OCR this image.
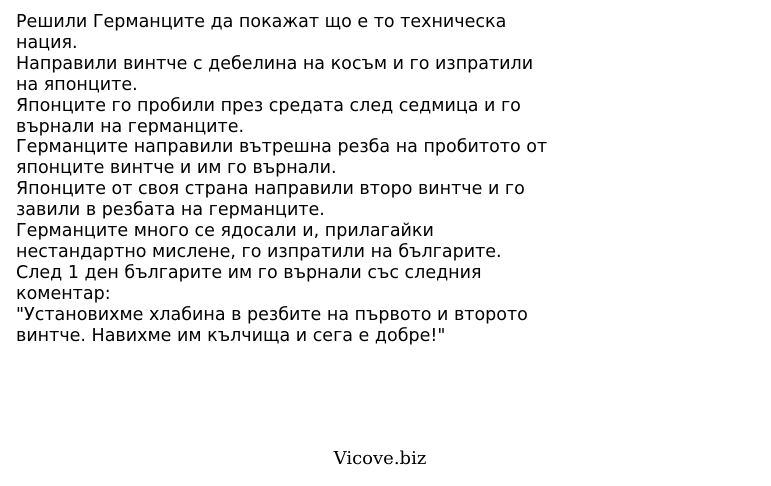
Решили Германците да покажат що е то техническа
нация.
Направили винтче с дебелина на косъм и го изпратили
на японците.
Японците го пробили през средата след седмица и го
върнали на германците.
Германците направили вътрешна резба на пробитото от
японците винтче и им го върнали.
Японците от своя страна направили второ винтче и го
завили в резбата на германците.
Германците много се ядосали и, прилагайки
нестандартно мислене, го изпратили на българите.
След 1 ден българите им го върнали със следния
коментар:
"Установихме хлабина в резбите на първото и второто
винтче. Навихме им кълчища и сега е добре!"
Vicove.biz
